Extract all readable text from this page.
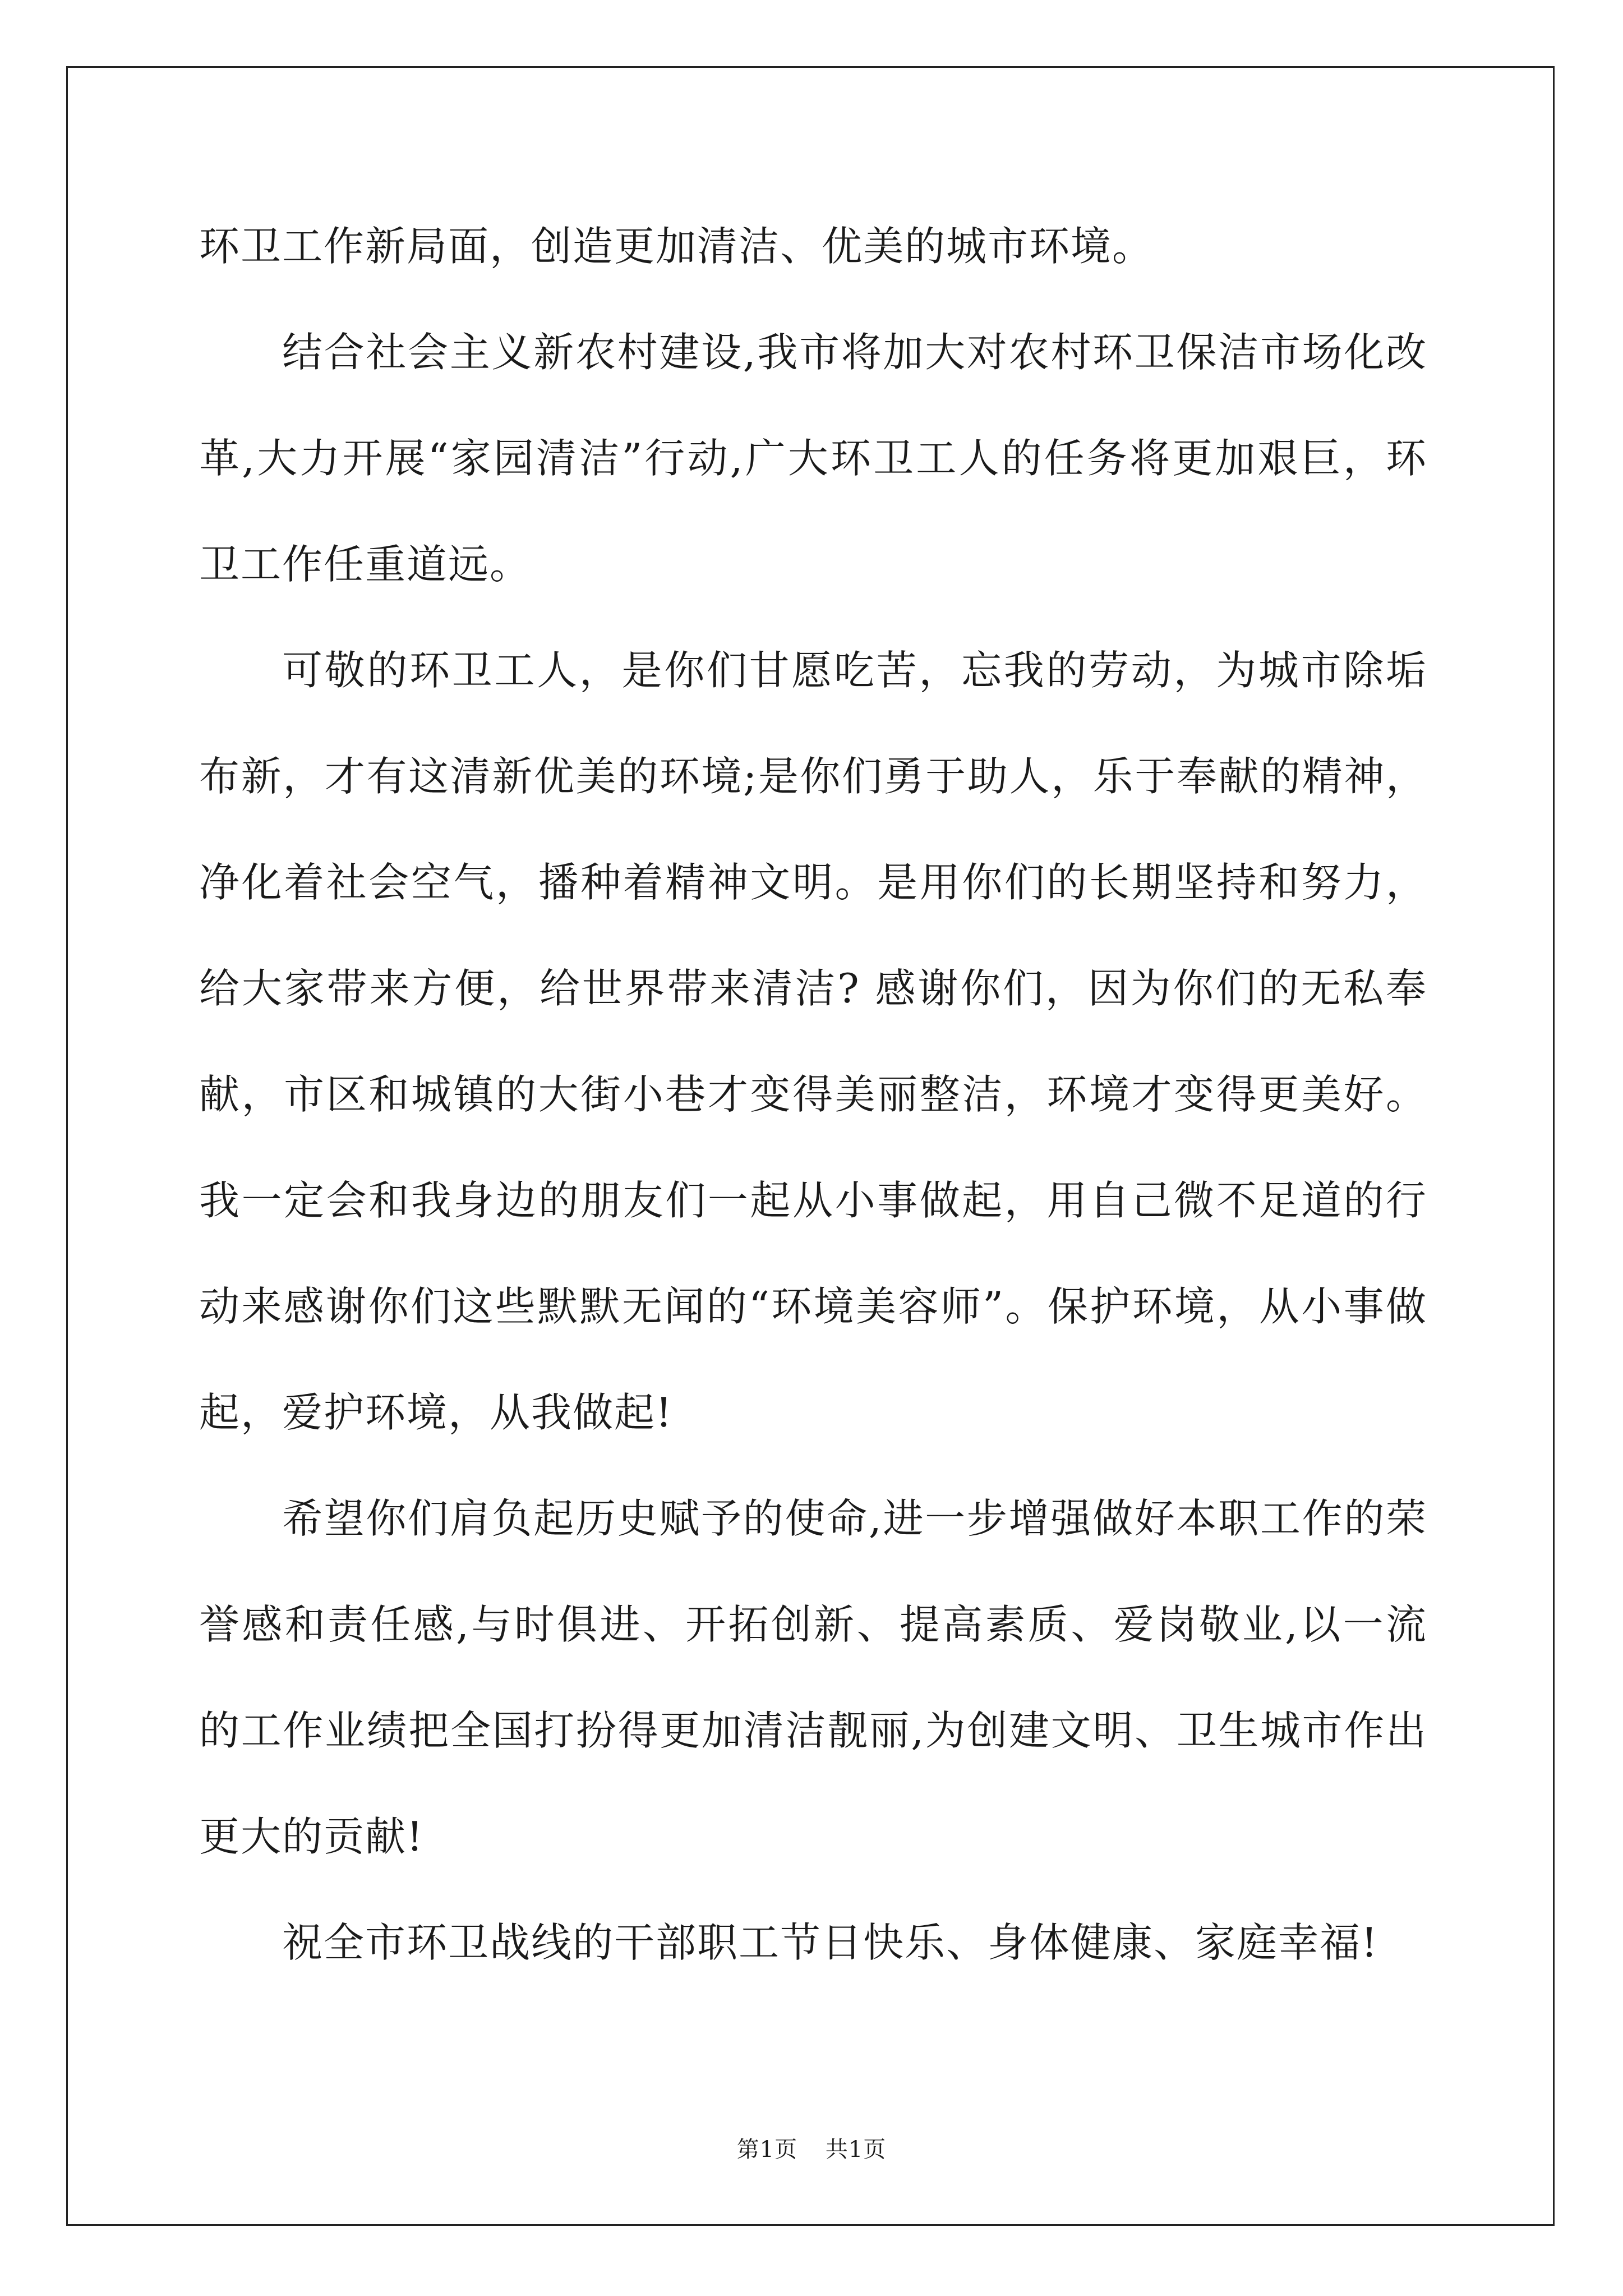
环卫工作新局面，创造更加清洁、优美的城市环境。

结合社会主义新农村建设,我市将加大对农村环卫保洁市场化改革,大力开展“家园清洁”行动,广大环卫工人的任务将更加艰巨，环卫工作任重道远。

可敬的环卫工人，是你们甘愿吃苦，忘我的劳动，为城市除垢布新，才有这清新优美的环境;是你们勇于助人，乐于奉献的精神，净化着社会空气，播种着精神文明。是用你们的长期坚持和努力，给大家带来方便，给世界带来清洁? 感谢你们，因为你们的无私奉献，市区和城镇的大街小巷才变得美丽整洁，环境才变得更美好。我一定会和我身边的朋友们一起从小事做起，用自己微不足道的行动来感谢你们这些默默无闻的“环境美容师”。保护环境，从小事做起，爱护环境，从我做起!

希望你们肩负起历史赋予的使命,进一步增强做好本职工作的荣誉感和责任感,与时俱进、开拓创新、提高素质、爱岗敬业,以一流的工作业绩把全国打扮得更加清洁靓丽,为创建文明、卫生城市作出更大的贡献!

祝全市环卫战线的干部职工节日快乐、身体健康、家庭幸福!

第1页 共1页
